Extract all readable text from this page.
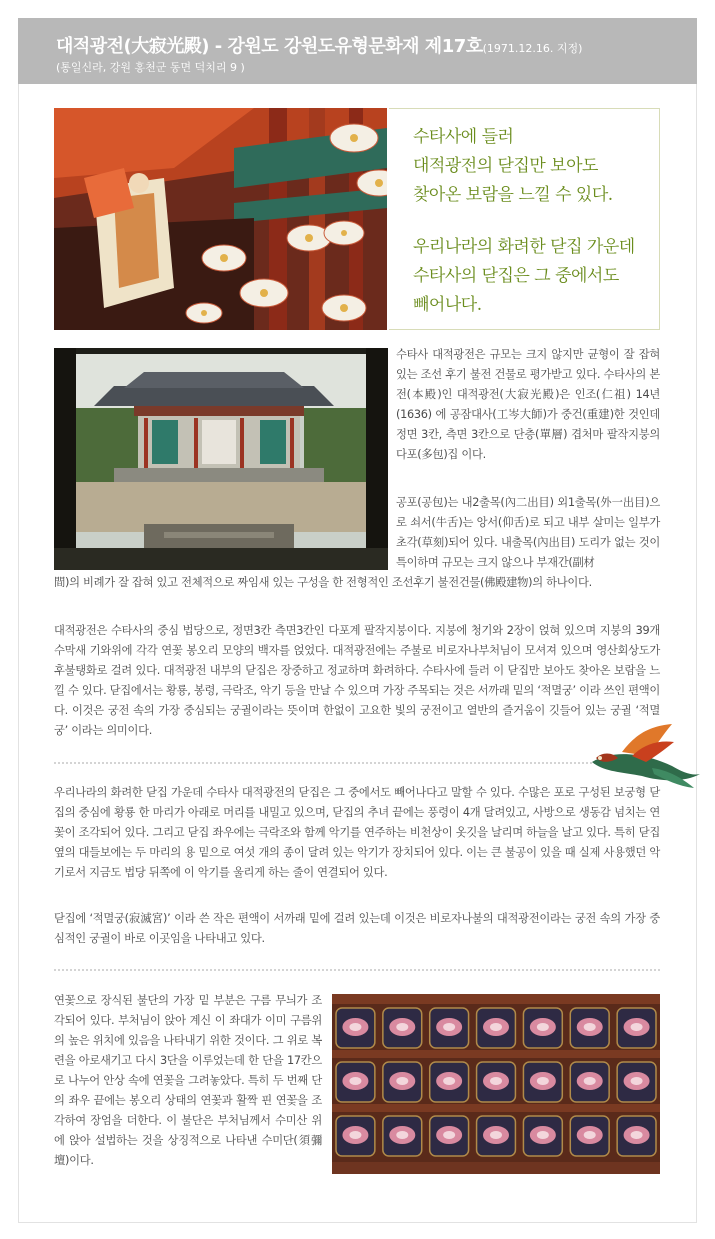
대적광전(大寂光殿) - 강원도 강원도유형문화재 제17호(1971.12.16. 지정)
(통일신라, 강원 홍천군 동면 덕치리 9 )

수타사에 들러
대적광전의 닫집만 보아도
찾아온 보람을 느낄 수 있다.

우리나라의 화려한 닫집 가운데
수타사의 닫집은 그 중에서도
빼어나다.

수타사 대적광전은 규모는 크지 않지만 균형이 잘 잡혀있는 조선 후기 불전 건물로 평가받고 있다. 수타사의 본전(本殿)인 대적광전(大寂光殿)은 인조(仁祖) 14년(1636) 에 공잠대사(工岑大師)가 중건(重建)한 것인데 정면 3칸, 측면 3칸으로 단층(單層) 겹처마 팔작지붕의 다포(多包)집 이다.
공포(공包)는 내2출목(內二出目) 외1출목(外一出目)으로 쇠서(牛舌)는 앙서(仰舌)로 되고 내부 살미는 일부가 초각(草刻)되어 있다. 내출목(內出目) 도리가 없는 것이 특이하며 규모는 크지 않으나 부재간(副材
間)의 비례가 잘 잡혀 있고 전체적으로 짜임새 있는 구성을 한 전형적인 조선후기 불전건물(佛殿建物)의 하나이다.
대적광전은 수타사의 중심 법당으로, 정면3칸 측면3칸인 다포계 팔작지붕이다. 지붕에 청기와 2장이 얹혀 있으며 지붕의 39개 수막새 기와위에 각각 연꽃 봉오리 모양의 백자를 얹었다. 대적광전에는 주불로 비로자나부처님이 모셔져 있으며 영산회상도가 후불탱화로 걸려 있다. 대적광전 내부의 닫집은 장중하고 정교하며 화려하다. 수타사에 들러 이 닫집만 보아도 찾아온 보람을 느낄 수 있다. 닫집에서는 황룡, 봉령, 극락조, 악기 등을 만날 수 있으며 가장 주목되는 것은 서까래 밑의 ‘적멸궁’ 이라 쓰인 편액이다. 이것은 궁전 속의 가장 중심되는 궁궐이라는 뜻이며 한없이 고요한 빛의 궁전이고 열반의 즐거움이 깃들어 있는 궁궐 ‘적멸궁’ 이라는 의미이다.
우리나라의 화려한 닫집 가운데 수타사 대적광전의 닫집은 그 중에서도 빼어나다고 말할 수 있다. 수많은 포로 구성된 보궁형 닫집의 중심에 황룡 한 마리가 아래로 머리를 내밀고 있으며, 닫집의 추녀 끝에는 풍령이 4개 달려있고, 사방으로 생동감 넘치는 연꽃이 조각되어 있다. 그리고 닫집 좌우에는 극락조와 함께 악기를 연주하는 비천상이 옷깃을 날리며 하늘을 날고 있다. 특히 닫집 옆의 대들보에는 두 마리의 용 밑으로 여섯 개의 종이 달려 있는 악기가 장치되어 있다. 이는 큰 불공이 있을 때 실제 사용했던 악기로서 지금도 법당 뒤쪽에 이 악기를 울리게 하는 줄이 연결되어 있다.
닫집에 ‘적멸궁(寂滅宮)’ 이라 쓴 작은 편액이 서까래 밑에 걸려 있는데 이것은 비로자나불의 대적광전이라는 궁전 속의 가장 중심적인 궁궐이 바로 이곳임을 나타내고 있다.
연꽃으로 장식된 불단의 가장 밑 부분은 구름 무늬가 조각되어 있다. 부처님이 앉아 계신 이 좌대가 이미 구름위의 높은 위치에 있음을 나타내기 위한 것이다. 그 위로 복련을 아로새기고 다시 3단을 이루었는데 한 단을 17칸으로 나누어 안상 속에 연꽃을 그려놓았다. 특히 두 번째 단의 좌우 끝에는 봉오리 상태의 연꽃과 활짝 핀 연꽃을 조각하여 장엄을 더한다. 이 불단은 부처님께서 수미산 위에 앉아 설법하는 것을 상징적으로 나타낸 수미단(須彌壇)이다.
